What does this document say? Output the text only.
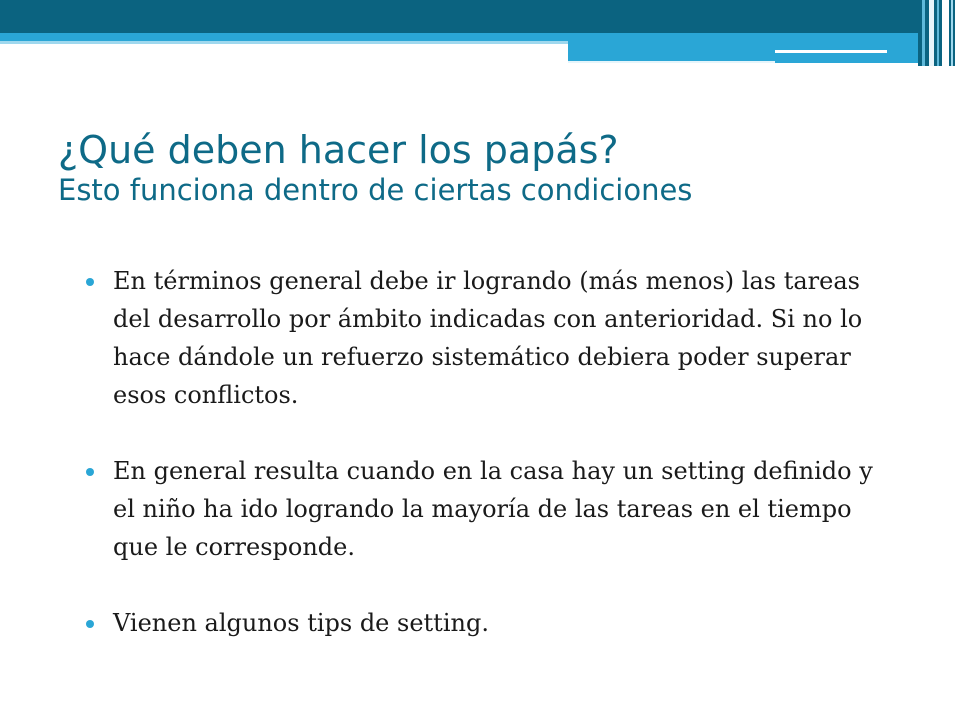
¿Qué deben hacer los papás?
Esto funciona dentro de ciertas condiciones
En términos general debe ir logrando (más menos) las tareas del desarrollo por ámbito indicadas con anterioridad. Si no lo hace dándole un refuerzo sistemático debiera poder superar esos conflictos.
En general resulta cuando en la casa hay un setting definido y el niño ha ido logrando la mayoría de las tareas en el tiempo que le corresponde.
Vienen algunos tips de setting.
